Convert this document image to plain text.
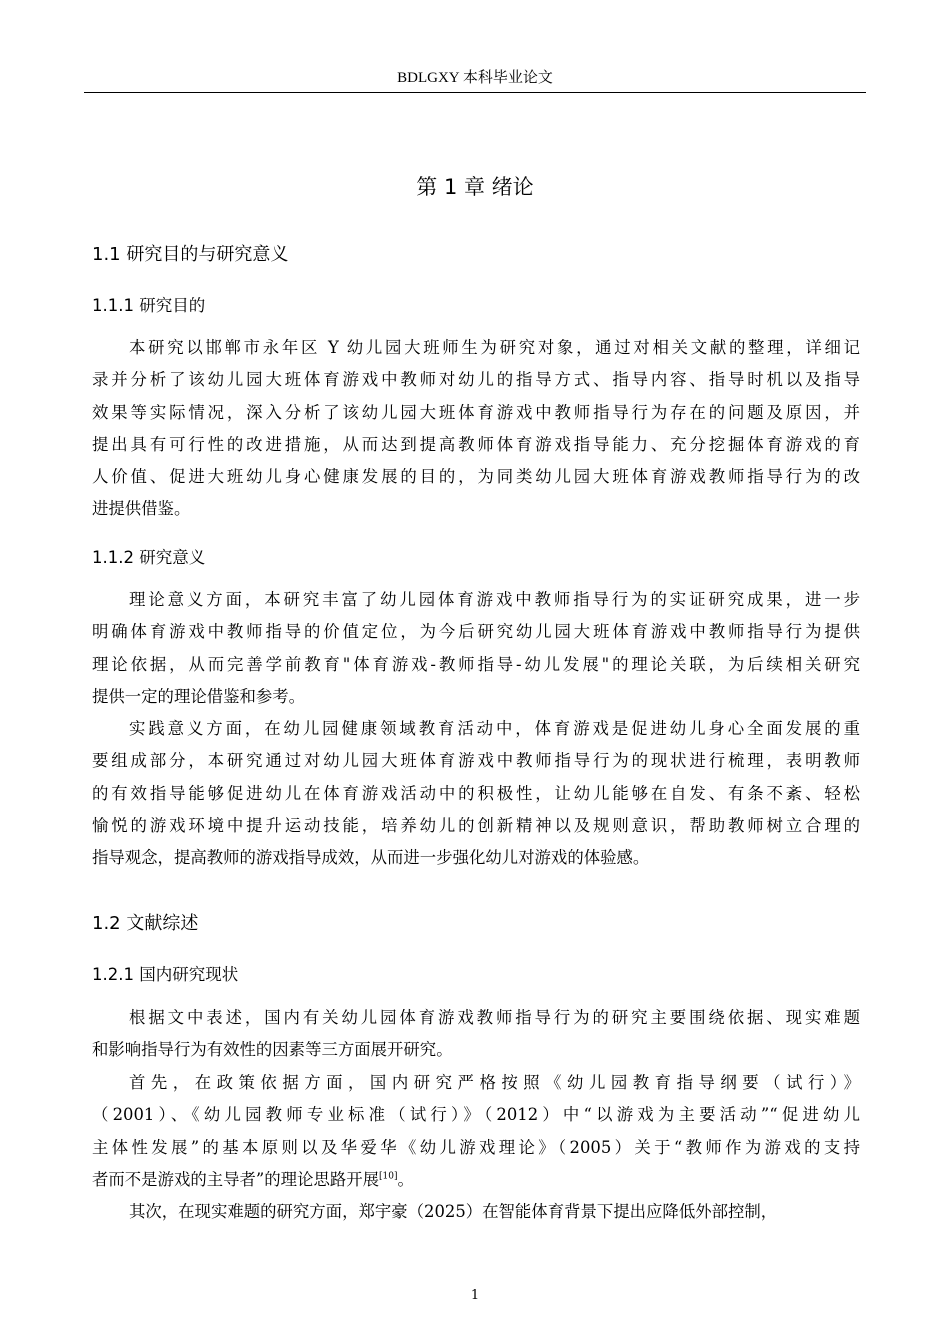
BDLGXY 本科毕业论文
第 1 章 绪论
1.1 研究目的与研究意义
1.1.1 研究目的
本研究以邯郸市永年区 Y 幼儿园大班师生为研究对象，通过对相关文献的整理，详细记
录并分析了该幼儿园大班体育游戏中教师对幼儿的指导方式、指导内容、指导时机以及指导
效果等实际情况，深入分析了该幼儿园大班体育游戏中教师指导行为存在的问题及原因，并
提出具有可行性的改进措施，从而达到提高教师体育游戏指导能力、充分挖掘体育游戏的育
人价值、促进大班幼儿身心健康发展的目的，为同类幼儿园大班体育游戏教师指导行为的改
进提供借鉴。
1.1.2 研究意义
理论意义方面，本研究丰富了幼儿园体育游戏中教师指导行为的实证研究成果，进一步
明确体育游戏中教师指导的价值定位，为今后研究幼儿园大班体育游戏中教师指导行为提供
理论依据，从而完善学前教育"体育游戏-教师指导-幼儿发展"的理论关联，为后续相关研究
提供一定的理论借鉴和参考。
实践意义方面，在幼儿园健康领域教育活动中，体育游戏是促进幼儿身心全面发展的重
要组成部分，本研究通过对幼儿园大班体育游戏中教师指导行为的现状进行梳理，表明教师
的有效指导能够促进幼儿在体育游戏活动中的积极性，让幼儿能够在自发、有条不紊、轻松
愉悦的游戏环境中提升运动技能，培养幼儿的创新精神以及规则意识，帮助教师树立合理的
指导观念，提高教师的游戏指导成效，从而进一步强化幼儿对游戏的体验感。
1.2 文献综述
1.2.1 国内研究现状
根据文中表述，国内有关幼儿园体育游戏教师指导行为的研究主要围绕依据、现实难题
和影响指导行为有效性的因素等三方面展开研究。
首先，在政策依据方面，国内研究严格按照《幼儿园教育指导纲要（试行）》
（2001）、《幼儿园教师专业标准（试行）》（2012）中“以游戏为主要活动”“促进幼儿
主体性发展”的基本原则以及华爱华《幼儿游戏理论》（2005）关于“教师作为游戏的支持
者而不是游戏的主导者”的理论思路开展[10]。
其次，在现实难题的研究方面，郑宇豪（2025）在智能体育背景下提出应降低外部控制，
1
